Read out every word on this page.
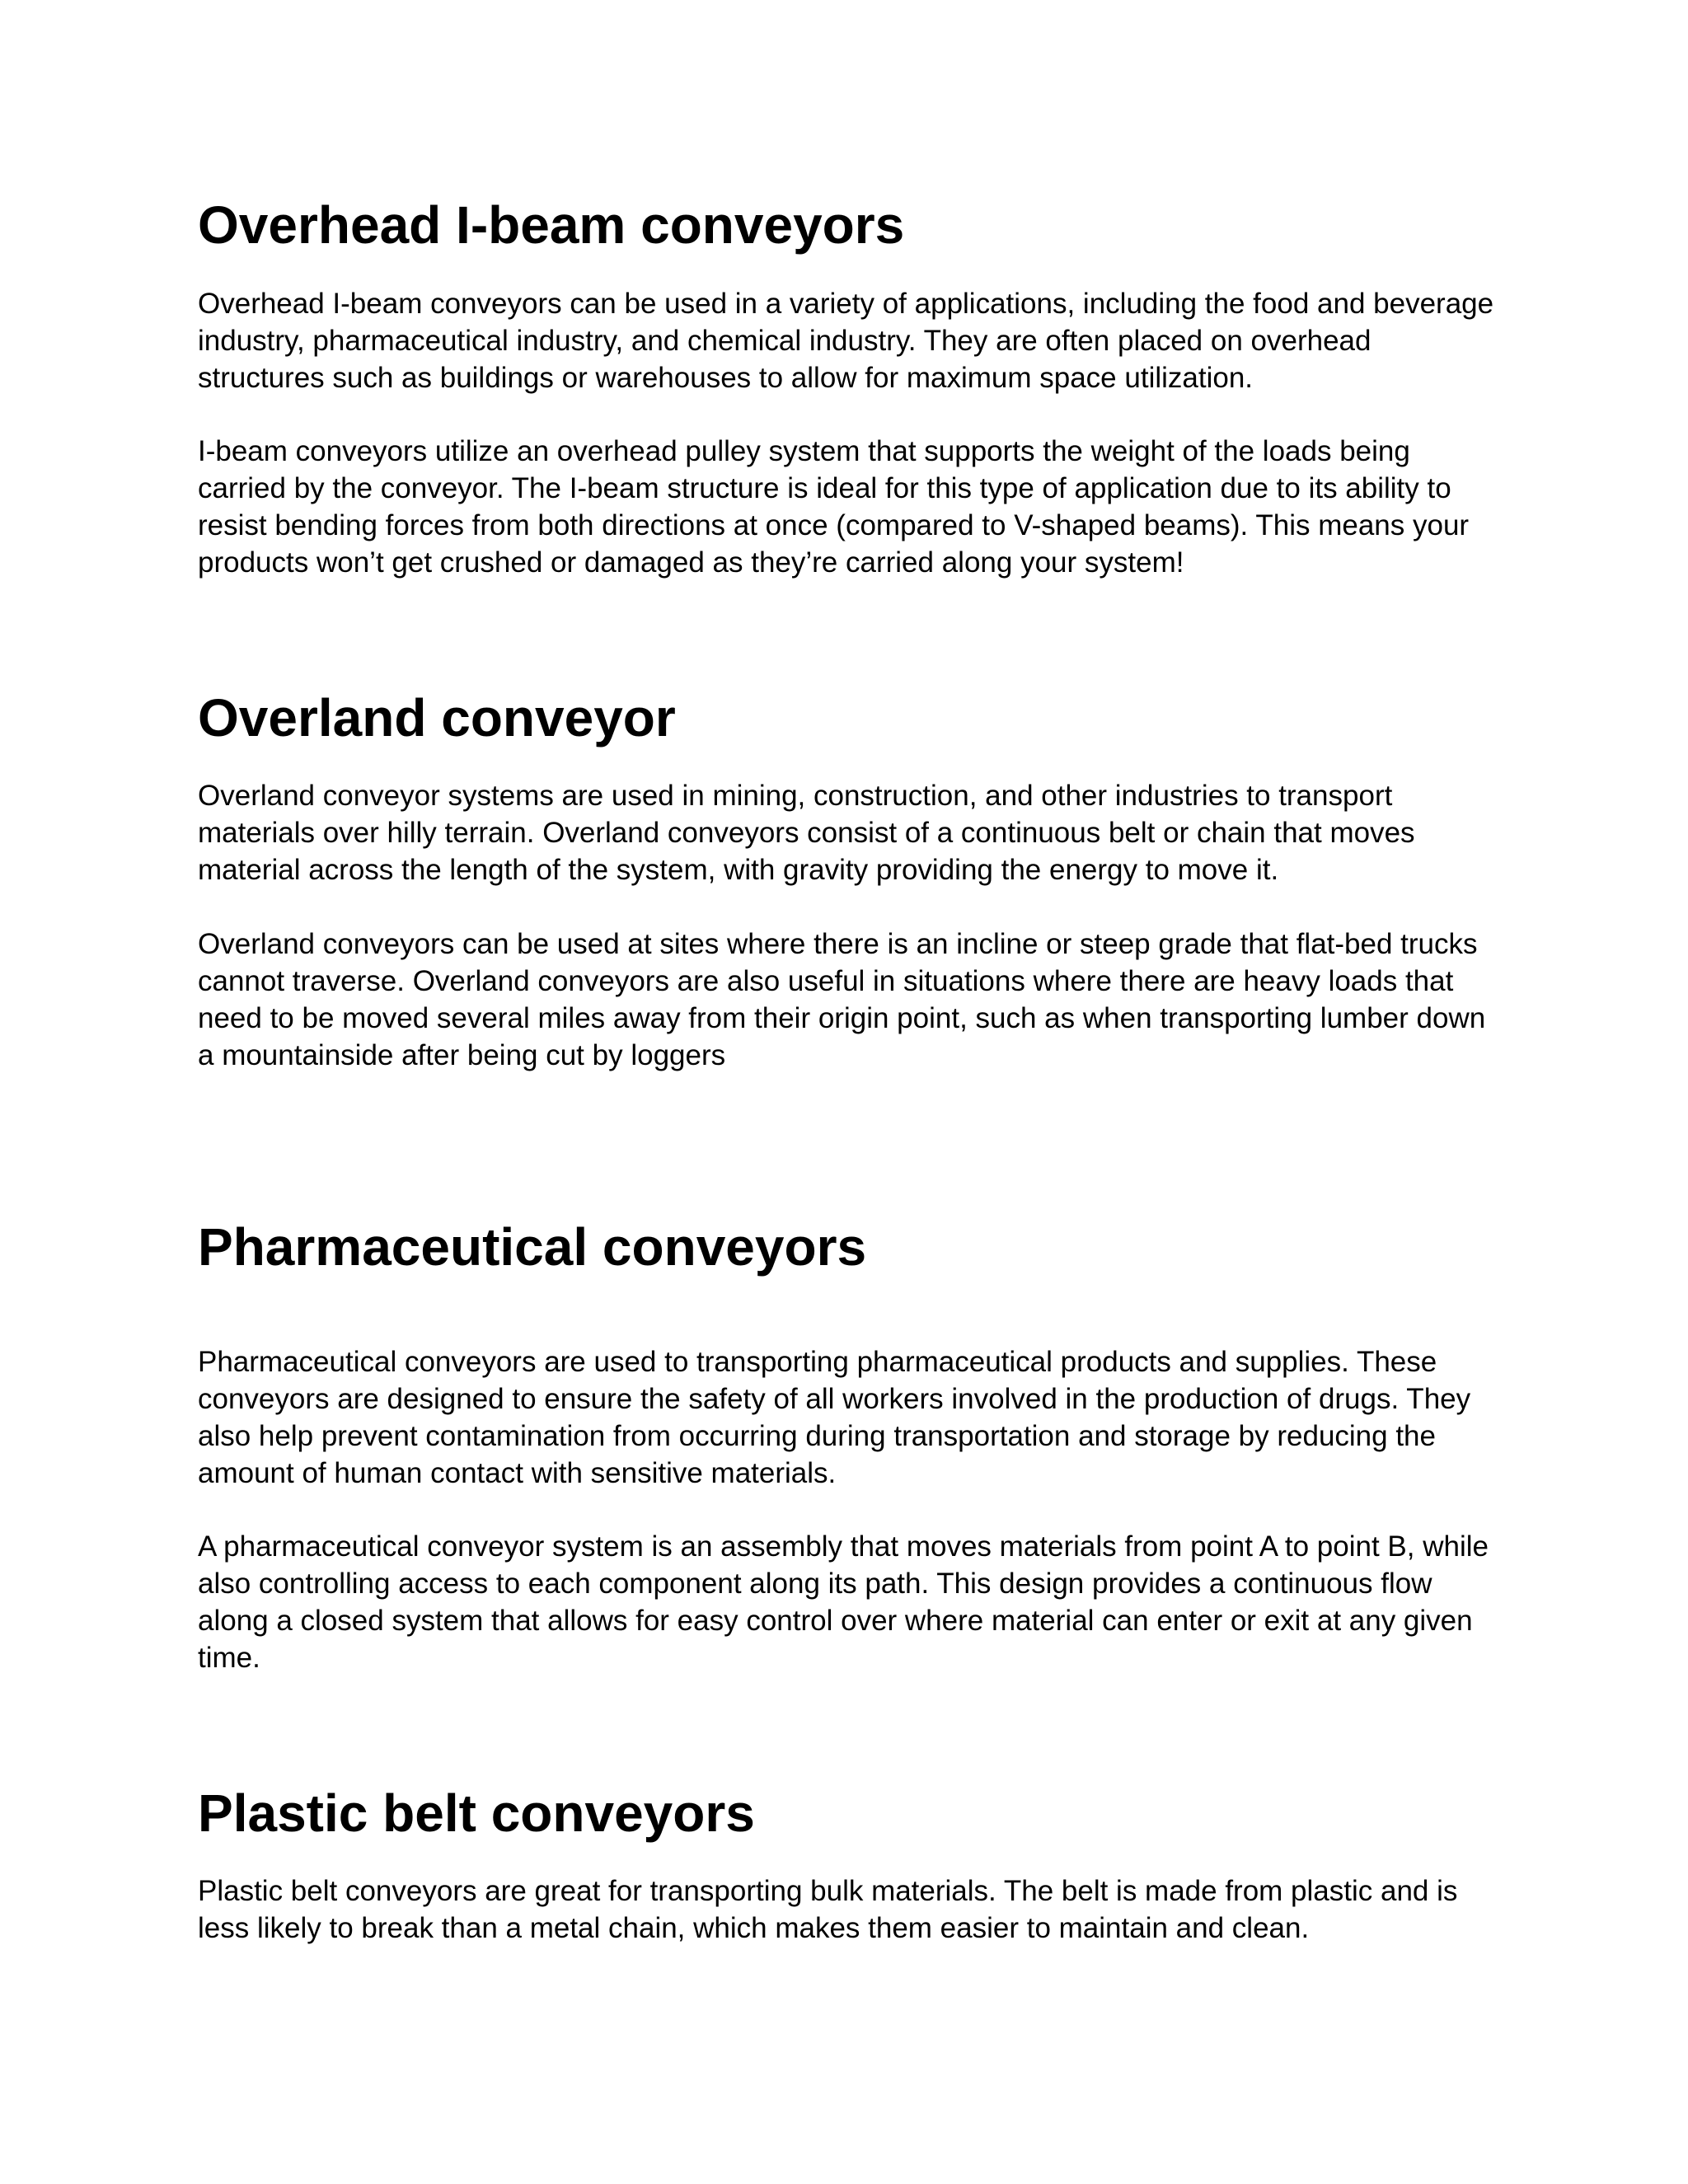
Overhead I-beam conveyors

Overhead I-beam conveyors can be used in a variety of applications, including the food and beverage industry, pharmaceutical industry, and chemical industry. They are often placed on overhead structures such as buildings or warehouses to allow for maximum space utilization.

I-beam conveyors utilize an overhead pulley system that supports the weight of the loads being carried by the conveyor. The I-beam structure is ideal for this type of application due to its ability to resist bending forces from both directions at once (compared to V-shaped beams). This means your products won’t get crushed or damaged as they’re carried along your system!

Overland conveyor

Overland conveyor systems are used in mining, construction, and other industries to transport materials over hilly terrain. Overland conveyors consist of a continuous belt or chain that moves material across the length of the system, with gravity providing the energy to move it.

Overland conveyors can be used at sites where there is an incline or steep grade that flat-bed trucks cannot traverse. Overland conveyors are also useful in situations where there are heavy loads that need to be moved several miles away from their origin point, such as when transporting lumber down a mountainside after being cut by loggers

Pharmaceutical conveyors

Pharmaceutical conveyors are used to transporting pharmaceutical products and supplies. These conveyors are designed to ensure the safety of all workers involved in the production of drugs. They also help prevent contamination from occurring during transportation and storage by reducing the amount of human contact with sensitive materials.

A pharmaceutical conveyor system is an assembly that moves materials from point A to point B, while also controlling access to each component along its path. This design provides a continuous flow along a closed system that allows for easy control over where material can enter or exit at any given time.

Plastic belt conveyors

Plastic belt conveyors are great for transporting bulk materials. The belt is made from plastic and is less likely to break than a metal chain, which makes them easier to maintain and clean.
